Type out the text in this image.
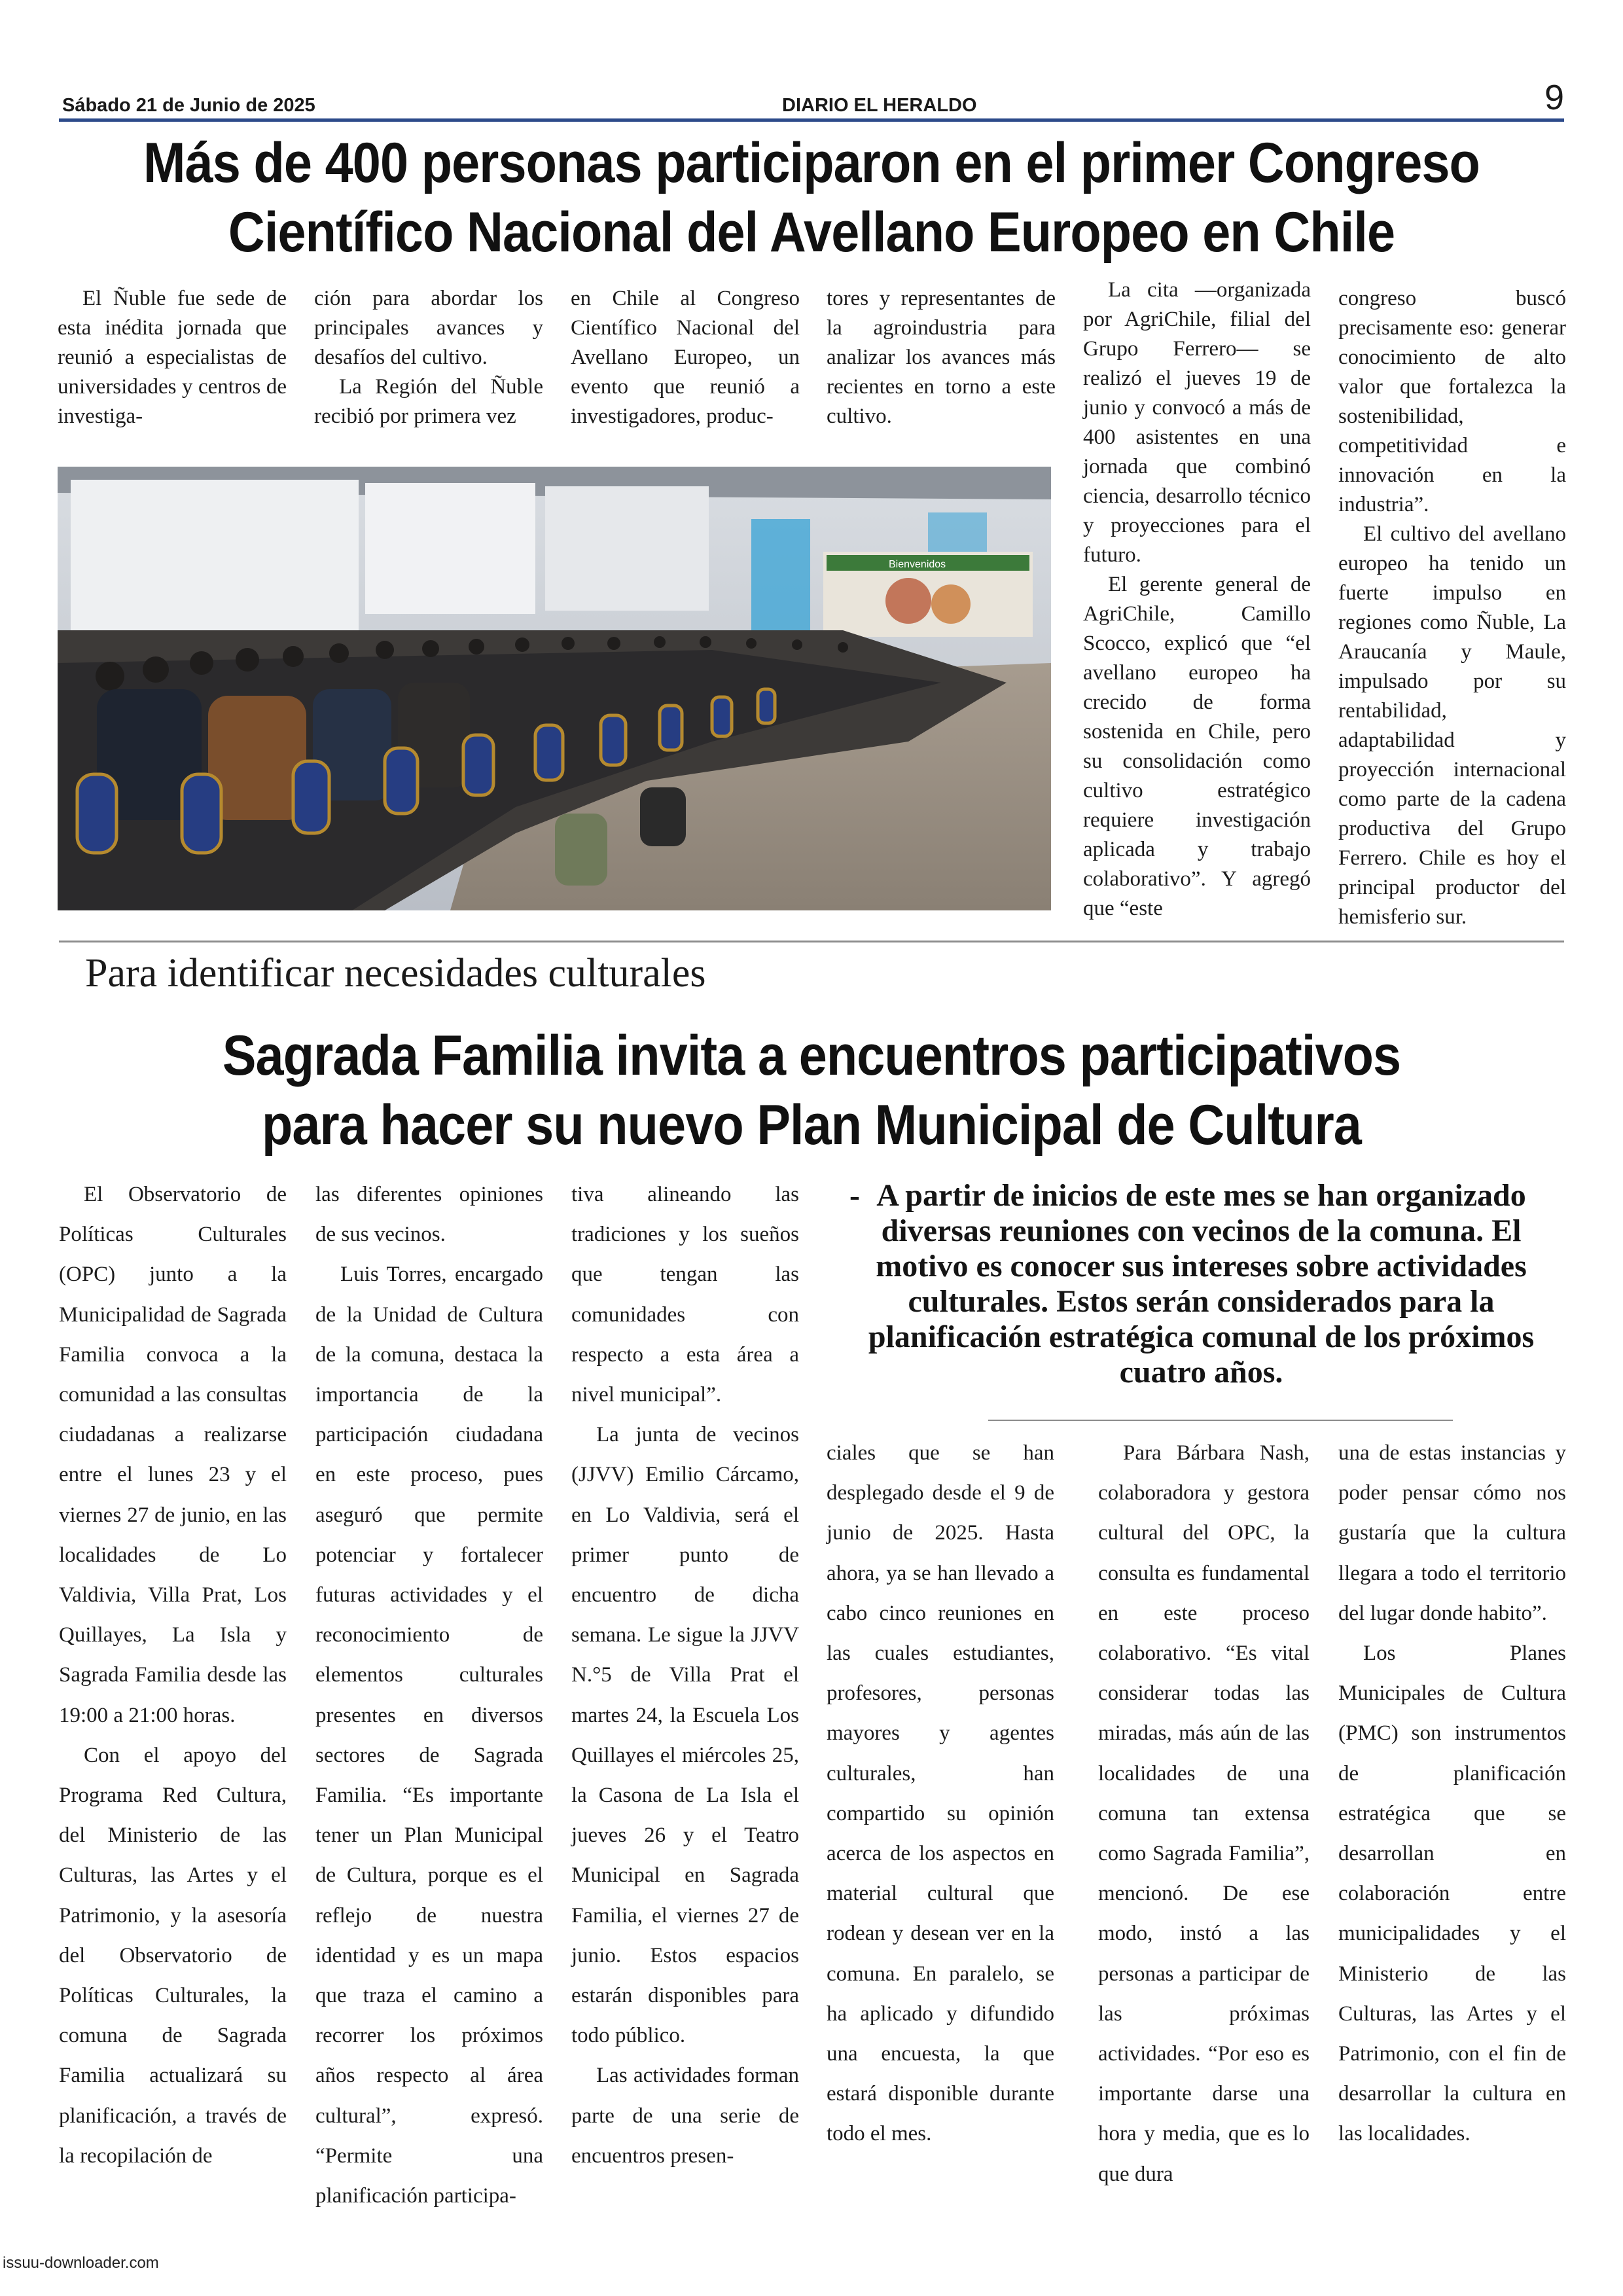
Sábado 21 de Junio de 2025	DIARIO EL HERALDO	9
Más de 400 personas participaron en el primer Congreso
Científico Nacional del Avellano Europeo en Chile

El Ñuble fue sede de esta inédita jornada que reunió a especialistas de universidades y centros de investiga-

ción para abordar los principales avances y desafíos del cultivo.

La Región del Ñuble recibió por primera vez

en Chile al Congreso Científico Nacional del Avellano Europeo, un evento que reunió a investigadores, produc-

tores y representantes de la agroindustria para analizar los avances más recientes en torno a este cultivo.

La cita —organizada por AgriChile, filial del Grupo Ferrero— se realizó el jueves 19 de junio y convocó a más de 400 asistentes en una jornada que combinó ciencia, desarrollo técnico y proyecciones para el futuro.

El gerente general de AgriChile, Camillo Scocco, explicó que “el avellano europeo ha crecido de forma sostenida en Chile, pero su consolidación como cultivo estratégico requiere investigación aplicada y trabajo colaborativo”. Y agregó que “este

congreso buscó precisamente eso: generar conocimiento de alto valor que fortalezca la sostenibilidad, competitividad e innovación en la industria”.

El cultivo del avellano europeo ha tenido un fuerte impulso en regiones como Ñuble, La Araucanía y Maule, impulsado por su rentabilidad, adaptabilidad y proyección internacional como parte de la cadena productiva del Grupo Ferrero. Chile es hoy el principal productor del hemisferio sur.

Bienvenidos
Para identificar necesidades culturales
Sagrada Familia invita a encuentros participativos
para hacer su nuevo Plan Municipal de Cultura

El Observatorio de Políticas Culturales (OPC) junto a la Municipalidad de Sagrada Familia convoca a la comunidad a las consultas ciudadanas a realizarse entre el lunes 23 y el viernes 27 de junio, en las localidades de Lo Valdivia, Villa Prat, Los Quillayes, La Isla y Sagrada Familia desde las 19:00 a 21:00 horas.

Con el apoyo del Programa Red Cultura, del Ministerio de las Culturas, las Artes y el Patrimonio, y la asesoría del Observatorio de Políticas Culturales, la comuna de Sagrada Familia actualizará su planificación, a través de la recopilación de

las diferentes opiniones de sus vecinos.

Luis Torres, encargado de la Unidad de Cultura de la comuna, destaca la importancia de la participación ciudadana en este proceso, pues aseguró que permite potenciar y fortalecer futuras actividades y el reconocimiento de elementos culturales presentes en diversos sectores de Sagrada Familia. “Es importante tener un Plan Municipal de Cultura, porque es el reflejo de nuestra identidad y es un mapa que traza el camino a recorrer los próximos años respecto al área cultural”, expresó. “Permite una planificación participa-

tiva alineando las tradiciones y los sueños que tengan las comunidades con respecto a esta área a nivel municipal”.

La junta de vecinos (JJVV) Emilio Cárcamo, en Lo Valdivia, será el primer punto de encuentro de dicha semana. Le sigue la JJVV N.°5 de Villa Prat el martes 24, la Escuela Los Quillayes el miércoles 25, la Casona de La Isla el jueves 26 y el Teatro Municipal en Sagrada Familia, el viernes 27 de junio. Estos espacios estarán disponibles para todo público.

Las actividades forman parte de una serie de encuentros presen-

- A partir de inicios de este mes se han organizado diversas reuniones con vecinos de la comuna. El motivo es conocer sus intereses sobre actividades culturales. Estos serán considerados para la planificación estratégica comunal de los próximos cuatro años.

ciales que se han desplegado desde el 9 de junio de 2025. Hasta ahora, ya se han llevado a cabo cinco reuniones en las cuales estudiantes, profesores, personas mayores y agentes culturales, han compartido su opinión acerca de los aspectos en material cultural que rodean y desean ver en la comuna. En paralelo, se ha aplicado y difundido una encuesta, la que estará disponible durante todo el mes.

Para Bárbara Nash, colaboradora y gestora cultural del OPC, la consulta es fundamental en este proceso colaborativo. “Es vital considerar todas las miradas, más aún de las localidades de una comuna tan extensa como Sagrada Familia”, mencionó. De ese modo, instó a las personas a participar de las próximas actividades. “Por eso es importante darse una hora y media, que es lo que dura

una de estas instancias y poder pensar cómo nos gustaría que la cultura llegara a todo el territorio del lugar donde habito”.

Los Planes Municipales de Cultura (PMC) son instrumentos de planificación estratégica que se desarrollan en colaboración entre municipalidades y el Ministerio de las Culturas, las Artes y el Patrimonio, con el fin de desarrollar la cultura en las localidades.

issuu-downloader.com
